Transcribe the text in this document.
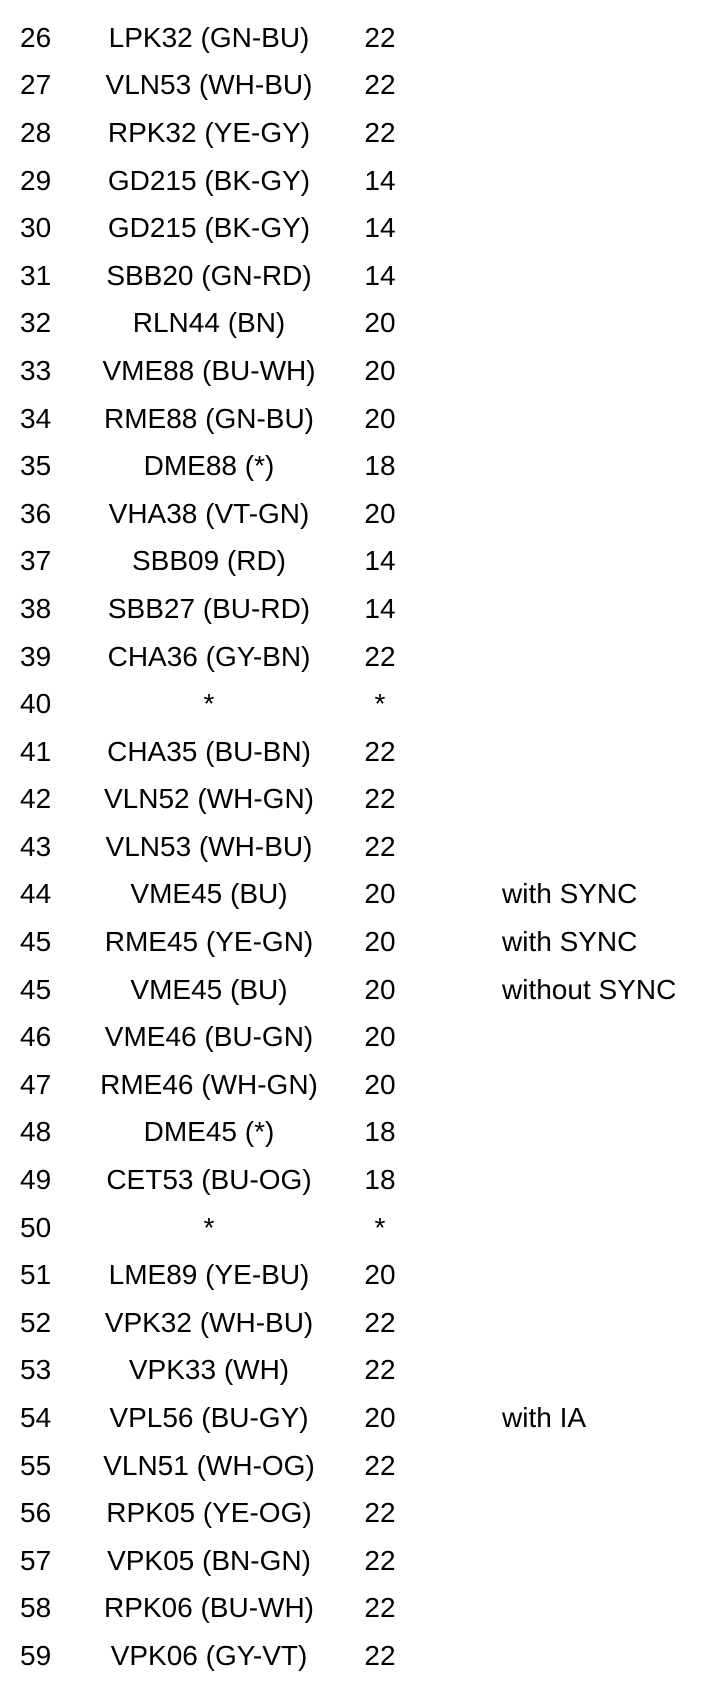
26	LPK32 (GN-BU)	22
27	VLN53 (WH-BU)	22
28	RPK32 (YE-GY)	22
29	GD215 (BK-GY)	14
30	GD215 (BK-GY)	14
31	SBB20 (GN-RD)	14
32	RLN44 (BN)	20
33	VME88 (BU-WH)	20
34	RME88 (GN-BU)	20
35	DME88 (*)	18
36	VHA38 (VT-GN)	20
37	SBB09 (RD)	14
38	SBB27 (BU-RD)	14
39	CHA36 (GY-BN)	22
40	*	*
41	CHA35 (BU-BN)	22
42	VLN52 (WH-GN)	22
43	VLN53 (WH-BU)	22
44	VME45 (BU)	20	with SYNC
45	RME45 (YE-GN)	20	with SYNC
45	VME45 (BU)	20	without SYNC
46	VME46 (BU-GN)	20
47	RME46 (WH-GN)	20
48	DME45 (*)	18
49	CET53 (BU-OG)	18
50	*	*
51	LME89 (YE-BU)	20
52	VPK32 (WH-BU)	22
53	VPK33 (WH)	22
54	VPL56 (BU-GY)	20	with IA
55	VLN51 (WH-OG)	22
56	RPK05 (YE-OG)	22
57	VPK05 (BN-GN)	22
58	RPK06 (BU-WH)	22
59	VPK06 (GY-VT)	22
